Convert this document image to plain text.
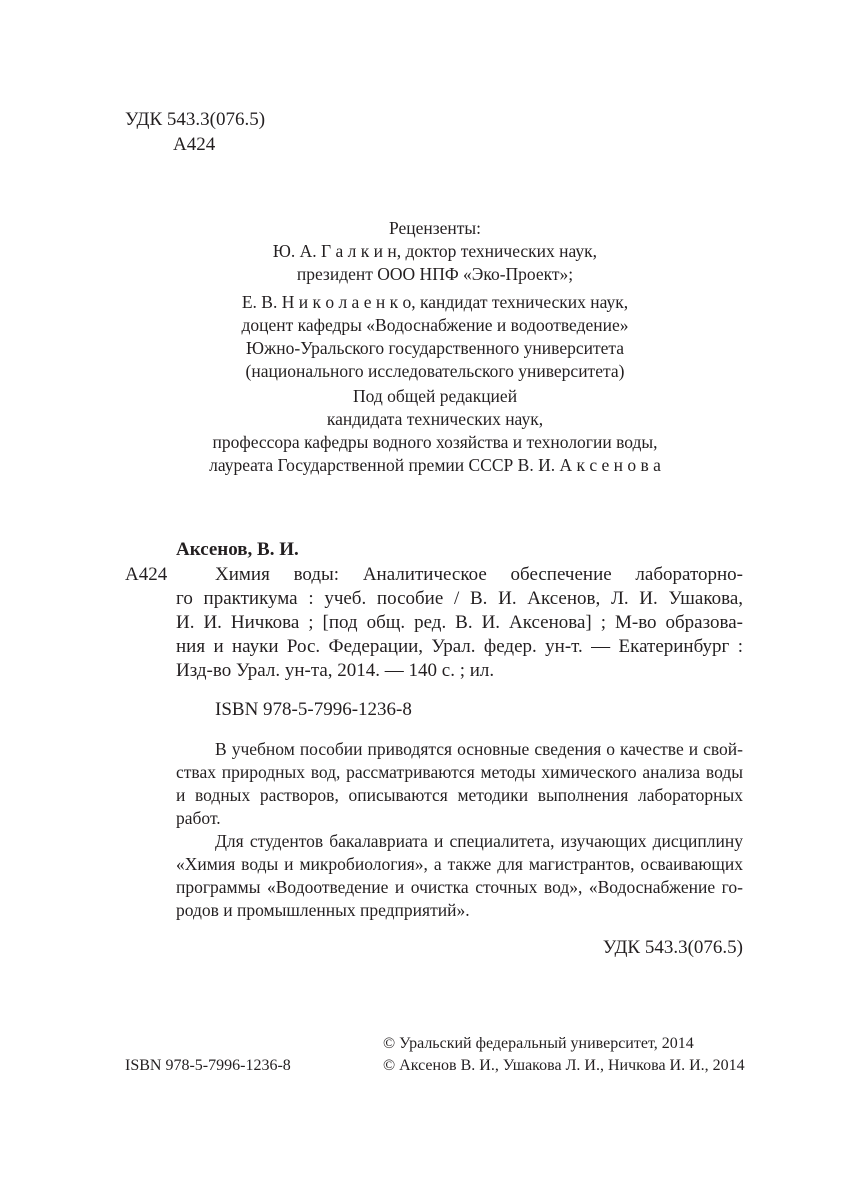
УДК 543.3(076.5)
А424
Рецензенты:
Ю. А. Г а л к и н, доктор технических наук,
президент ООО НПФ «Эко-Проект»;
Е. В. Н и к о л а е н к о, кандидат технических наук,
доцент кафедры «Водоснабжение и водоотведение»
Южно-Уральского государственного университета
(национального исследовательского университета)
Под общей редакцией
кандидата технических наук,
профессора кафедры водного хозяйства и технологии воды,
лауреата Государственной премии СССР В. И. А к с е н о в а
Аксенов, В. И.
А424	Химия воды: Аналитическое обеспечение лабораторно-
го практикума : учеб. пособие / В. И. Аксенов, Л. И. Ушакова,
И. И. Ничкова ; [под общ. ред. В. И. Аксенова] ; М-во образова-
ния и науки Рос. Федерации, Урал. федер. ун-т. — Екатеринбург :
Изд-во Урал. ун-та, 2014. — 140 с. ; ил.
ISBN 978-5-7996-1236-8
В учебном пособии приводятся основные сведения о качестве и свой-
ствах природных вод, рассматриваются методы химического анализа воды
и водных растворов, описываются методики выполнения лабораторных
работ.
Для студентов бакалавриата и специалитета, изучающих дисциплину
«Химия воды и микробиология», а также для магистрантов, осваивающих
программы «Водоотведение и очистка сточных вод», «Водоснабжение го-
родов и промышленных предприятий».
УДК 543.3(076.5)
ISBN 978-5-7996-1236-8
© Уральский федеральный университет, 2014
© Аксенов В. И., Ушакова Л. И., Ничкова И. И., 2014
